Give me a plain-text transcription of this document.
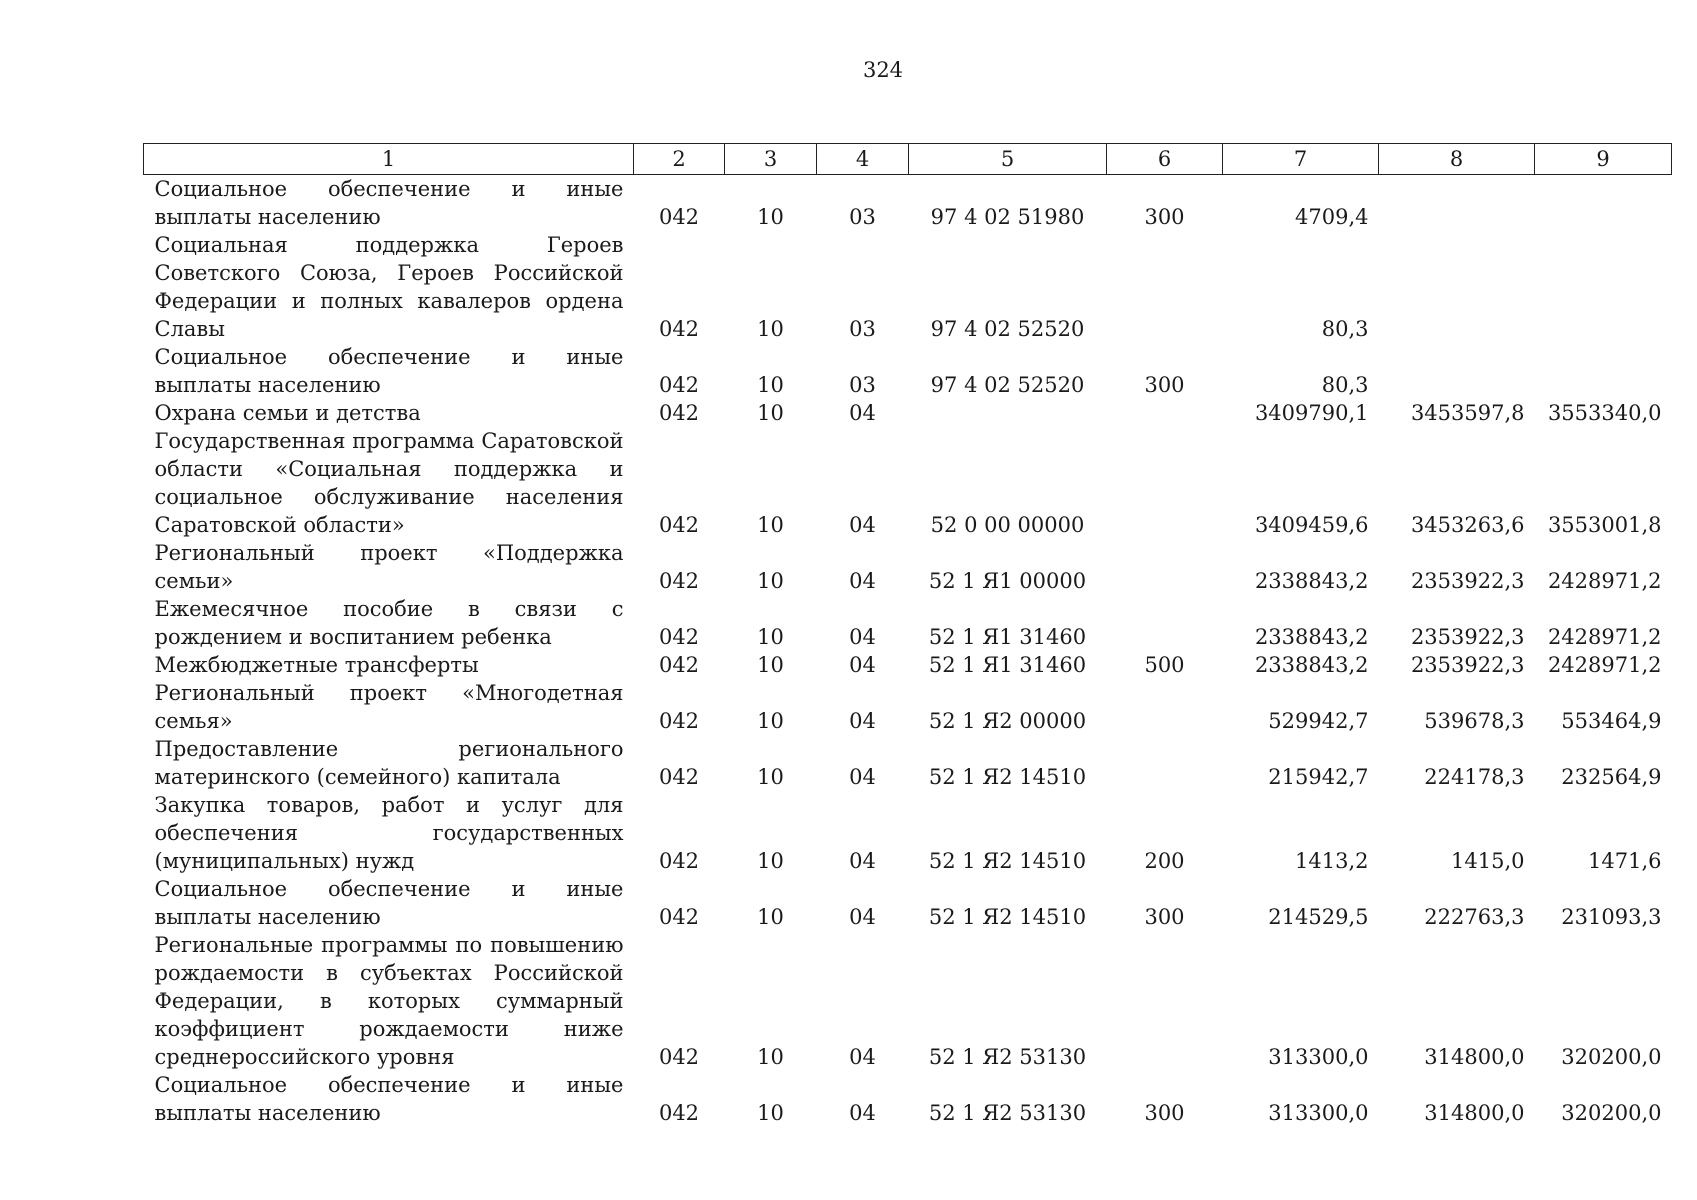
324
1	2	3	4	5	6	7	8	9
Социальное обеспечение и иные выплаты населению	042	10	03	97 4 02 51980	300	4709,4		
Социальная поддержка Героев Советского Союза, Героев Российской Федерации и полных кавалеров ордена Славы	042	10	03	97 4 02 52520		80,3		
Социальное обеспечение и иные выплаты населению	042	10	03	97 4 02 52520	300	80,3		
Охрана семьи и детства	042	10	04			3409790,1	3453597,8	3553340,0
Государственная программа Саратовской области «Социальная поддержка и социальное обслуживание населения Саратовской области»	042	10	04	52 0 00 00000		3409459,6	3453263,6	3553001,8
Региональный проект «Поддержка семьи»	042	10	04	52 1 Я1 00000		2338843,2	2353922,3	2428971,2
Ежемесячное пособие в связи с рождением и воспитанием ребенка	042	10	04	52 1 Я1 31460		2338843,2	2353922,3	2428971,2
Межбюджетные трансферты	042	10	04	52 1 Я1 31460	500	2338843,2	2353922,3	2428971,2
Региональный проект «Многодетная семья»	042	10	04	52 1 Я2 00000		529942,7	539678,3	553464,9
Предоставление регионального материнского (семейного) капитала	042	10	04	52 1 Я2 14510		215942,7	224178,3	232564,9
Закупка товаров, работ и услуг для обеспечения государственных (муниципальных) нужд	042	10	04	52 1 Я2 14510	200	1413,2	1415,0	1471,6
Социальное обеспечение и иные выплаты населению	042	10	04	52 1 Я2 14510	300	214529,5	222763,3	231093,3
Региональные программы по повышению рождаемости в субъектах Российской Федерации, в которых суммарный коэффициент рождаемости ниже среднероссийского уровня	042	10	04	52 1 Я2 53130		313300,0	314800,0	320200,0
Социальное обеспечение и иные выплаты населению	042	10	04	52 1 Я2 53130	300	313300,0	314800,0	320200,0
